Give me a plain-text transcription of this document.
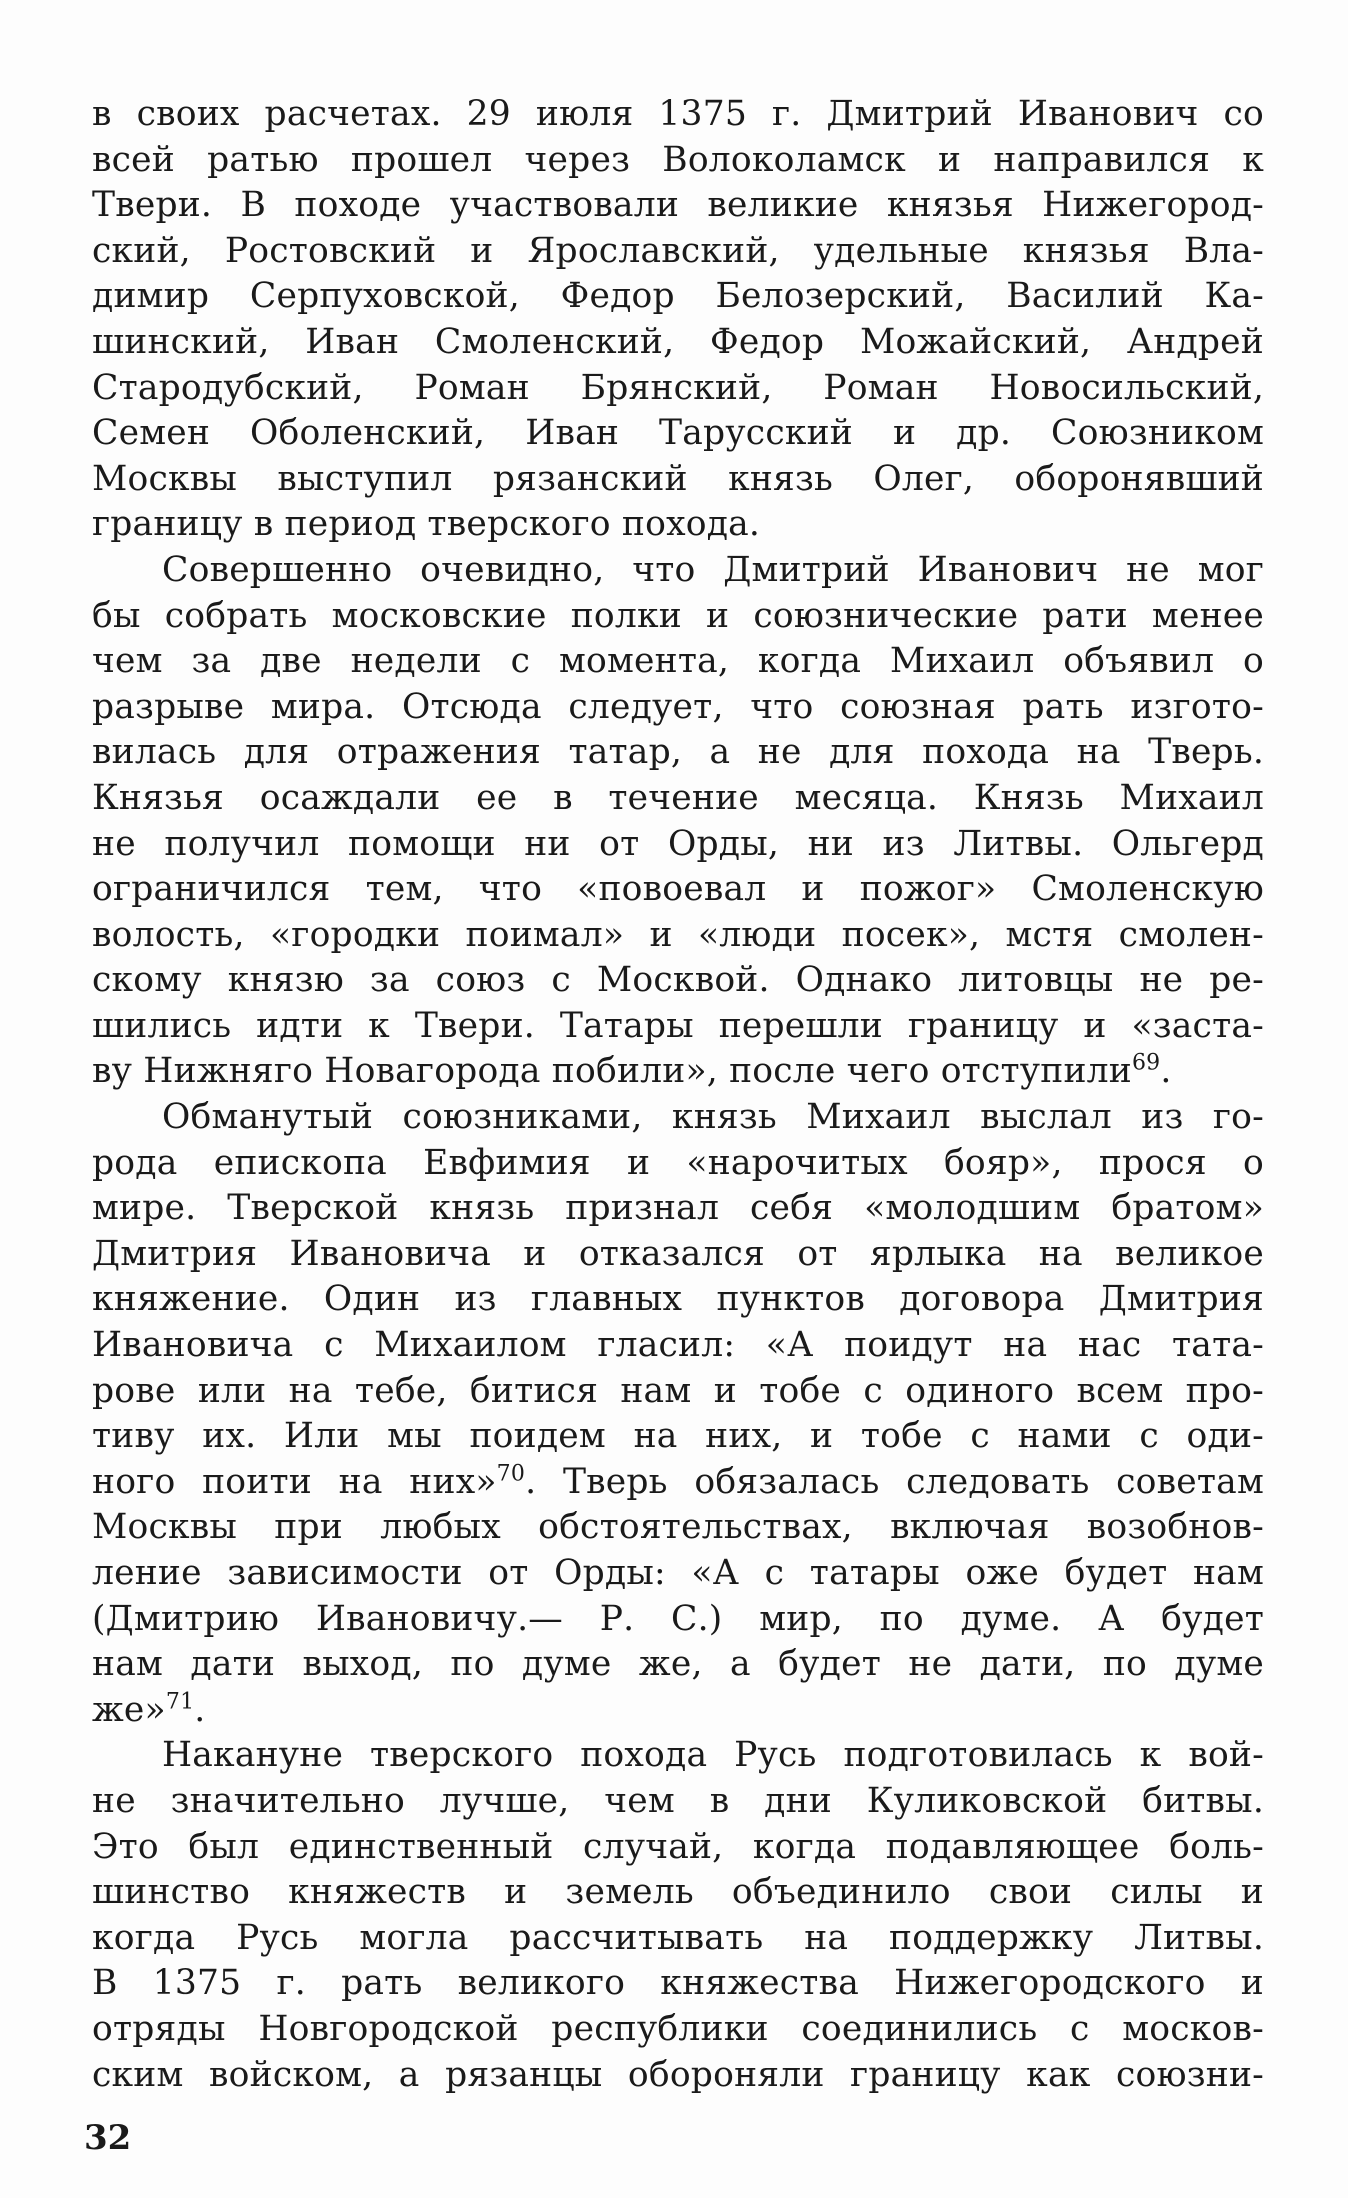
в своих расчетах. 29 июля 1375 г. Дмитрий Иванович со
всей ратью прошел через Волоколамск и направился к
Твери. В походе участвовали великие князья Нижегород-
ский, Ростовский и Ярославский, удельные князья Вла-
димир Серпуховской, Федор Белозерский, Василий Ка-
шинский, Иван Смоленский, Федор Можайский, Андрей
Стародубский, Роман Брянский, Роман Новосильский,
Семен Оболенский, Иван Тарусский и др. Союзником
Москвы выступил рязанский князь Олег, оборонявший
границу в период тверского похода.
Совершенно очевидно, что Дмитрий Иванович не мог
бы собрать московские полки и союзнические рати менее
чем за две недели с момента, когда Михаил объявил о
разрыве мира. Отсюда следует, что союзная рать изгото-
вилась для отражения татар, а не для похода на Тверь.
Князья осаждали ее в течение месяца. Князь Михаил
не получил помощи ни от Орды, ни из Литвы. Ольгерд
ограничился тем, что «повоевал и пожог» Смоленскую
волость, «городки поимал» и «люди посек», мстя смолен-
скому князю за союз с Москвой. Однако литовцы не ре-
шились идти к Твери. Татары перешли границу и «заста-
ву Нижняго Новагорода побили», после чего отступили$^{69}$.
Обманутый союзниками, князь Михаил выслал из го-
рода епископа Евфимия и «нарочитых бояр», прося о
мире. Тверской князь признал себя «молодшим братом»
Дмитрия Ивановича и отказался от ярлыка на великое
княжение. Один из главных пунктов договора Дмитрия
Ивановича с Михаилом гласил: «А поидут на нас тата-
рове или на тебе, битися нам и тобе с одиного всем про-
тиву их. Или мы поидем на них, и тобе с нами с оди-
ного поити на них»$^{70}$. Тверь обязалась следовать советам
Москвы при любых обстоятельствах, включая возобнов-
ление зависимости от Орды: «А с татары оже будет нам
(Дмитрию Ивановичу.— Р. С.) мир, по думе. А будет
нам дати выход, по думе же, а будет не дати, по думе
же»$^{71}$.
Накануне тверского похода Русь подготовилась к вой-
не значительно лучше, чем в дни Куликовской битвы.
Это был единственный случай, когда подавляющее боль-
шинство княжеств и земель объединило свои силы и
когда Русь могла рассчитывать на поддержку Литвы.
В 1375 г. рать великого княжества Нижегородского и
отряды Новгородской республики соединились с москов-
ским войском, а рязанцы обороняли границу как союзни-
32
